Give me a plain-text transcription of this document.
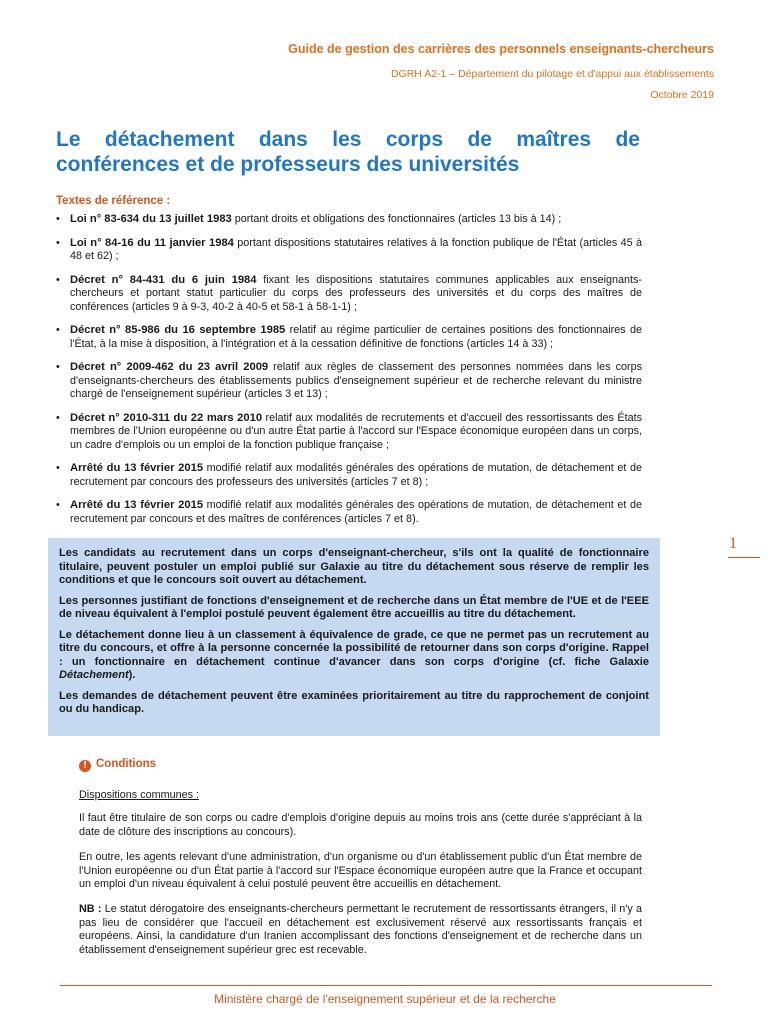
Guide de gestion des carrières des personnels enseignants-chercheurs
DGRH A2-1 – Département du pilotage et d'appui aux établissements
Octobre 2019
Le détachement dans les corps de maîtres de
conférences et de professeurs des universités
Textes de référence :
• Loi n° 83-634 du 13 juillet 1983 portant droits et obligations des fonctionnaires (articles 13 bis à 14) ;
• Loi n° 84-16 du 11 janvier 1984 portant dispositions statutaires relatives à la fonction publique de l'État (articles 45 à 48 et 62) ;
• Décret n° 84-431 du 6 juin 1984 fixant les dispositions statutaires communes applicables aux enseignants-chercheurs et portant statut particulier du corps des professeurs des universités et du corps des maîtres de conférences (articles 9 à 9-3, 40-2 à 40-5 et 58-1 à 58-1-1) ;
• Décret n° 85-986 du 16 septembre 1985 relatif au régime particulier de certaines positions des fonctionnaires de l'État, à la mise à disposition, à l'intégration et à la cessation définitive de fonctions (articles 14 à 33) ;
• Décret n° 2009-462 du 23 avril 2009 relatif aux règles de classement des personnes nommées dans les corps d'enseignants-chercheurs des établissements publics d'enseignement supérieur et de recherche relevant du ministre chargé de l'enseignement supérieur (articles 3 et 13) ;
• Décret n° 2010-311 du 22 mars 2010 relatif aux modalités de recrutements et d'accueil des ressortissants des États membres de l'Union européenne ou d'un autre État partie à l'accord sur l'Espace économique européen dans un corps, un cadre d'emplois ou un emploi de la fonction publique française ;
• Arrêté du 13 février 2015 modifié relatif aux modalités générales des opérations de mutation, de détachement et de recrutement par concours des professeurs des universités (articles 7 et 8) ;
• Arrêté du 13 février 2015 modifié relatif aux modalités générales des opérations de mutation, de détachement et de recrutement par concours et des maîtres de conférences (articles 7 et 8).
1

Les candidats au recrutement dans un corps d'enseignant-chercheur, s'ils ont la qualité de fonctionnaire titulaire, peuvent postuler un emploi publié sur Galaxie au titre du détachement sous réserve de remplir les conditions et que le concours soit ouvert au détachement.

Les personnes justifiant de fonctions d'enseignement et de recherche dans un État membre de l'UE et de l'EEE de niveau équivalent à l'emploi postulé peuvent également être accueillis au titre du détachement.

Le détachement donne lieu à un classement à équivalence de grade, ce que ne permet pas un recrutement au titre du concours, et offre à la personne concernée la possibilité de retourner dans son corps d'origine. Rappel : un fonctionnaire en détachement continue d'avancer dans son corps d'origine (cf. fiche Galaxie Détachement).

Les demandes de détachement peuvent être examinées prioritairement au titre du rapprochement de conjoint ou du handicap.

! Conditions
Dispositions communes :
Il faut être titulaire de son corps ou cadre d'emplois d'origine depuis au moins trois ans (cette durée s'appréciant à la date de clôture des inscriptions au concours).
En outre, les agents relevant d'une administration, d'un organisme ou d'un établissement public d'un État membre de l'Union européenne ou d'un État partie à l'accord sur l'Espace économique européen autre que la France et occupant un emploi d'un niveau équivalent à celui postulé peuvent être accueillis en détachement.
NB : Le statut dérogatoire des enseignants-chercheurs permettant le recrutement de ressortissants étrangers, il n'y a pas lieu de considérer que l'accueil en détachement est exclusivement réservé aux ressortissants français et européens. Ainsi, la candidature d'un Iranien accomplissant des fonctions d'enseignement et de recherche dans un établissement d'enseignement supérieur grec est recevable.
Ministère chargé de l'enseignement supérieur et de la recherche
